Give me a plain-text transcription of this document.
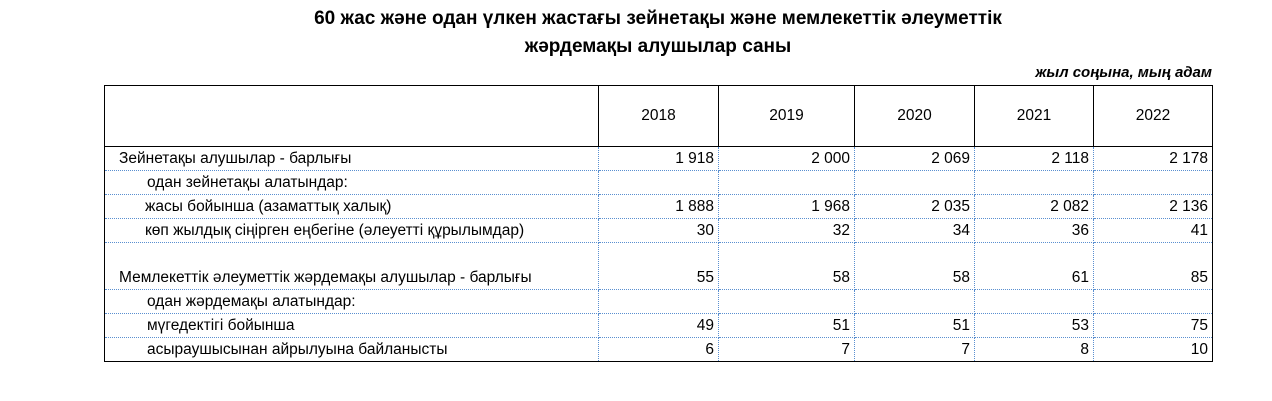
60 жас және одан үлкен жастағы зейнетақы және мемлекеттік әлеуметтік
жәрдемақы алушылар саны
жыл соңына, мың адам
	2018	2019	2020	2021	2022
Зейнетақы алушылар - барлығы	1 918	2 000	2 069	2 118	2 178
одан зейнетақы алатындар:					
жасы бойынша (азаматтық халық)	1 888	1 968	2 035	2 082	2 136
көп жылдық сіңірген еңбегіне (әлеуетті құрылымдар)	30	32	34	36	41
Мемлекеттік әлеуметтік жәрдемақы алушылар - барлығы	55	58	58	61	85
одан жәрдемақы алатындар:					
мүгедектігі бойынша	49	51	51	53	75
асыраушысынан айрылуына байланысты	6	7	7	8	10
